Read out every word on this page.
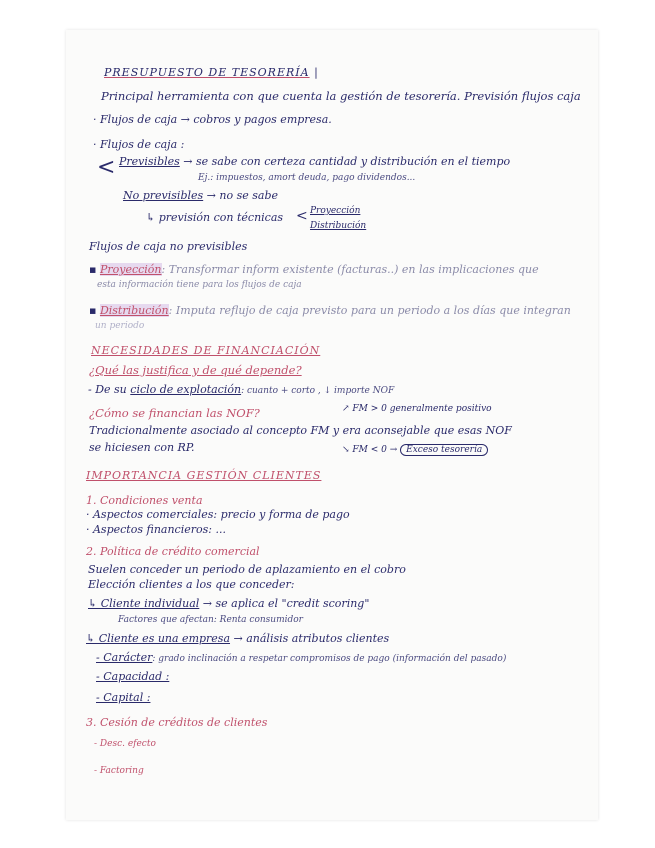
PRESUPUESTO DE TESORERÍA |
Principal herramienta con que cuenta la gestión de tesorería. Previsión flujos caja
· Flujos de caja → cobros y pagos empresa.
· Flujos de caja :
< Previsibles → se sabe con certeza cantidad y distribución en el tiempo
Ej.: impuestos, amort deuda, pago dividendos...
No previsibles → no se sabe
↳ previsión con técnicas < Proyección
Distribución
Flujos de caja no previsibles
▪ Proyección: Transformar inform existente (facturas..) en las implicaciones que
esta información tiene para los flujos de caja
▪ Distribución: Imputa reflujo de caja previsto para un periodo a los días que integran
un periodo
NECESIDADES DE FINANCIACIÓN
¿Qué las justifica y de qué depende?
- De su ciclo de explotación: cuanto + corto , ↓ importe NOF
¿Cómo se financian las NOF?	↗ FM > 0 generalmente positivo
Tradicionalmente asociado al concepto FM y era aconsejable que esas NOF
se hiciesen con RP.	↘ FM < 0 → Exceso tesorería
IMPORTANCIA GESTIÓN CLIENTES
1. Condiciones venta
· Aspectos comerciales: precio y forma de pago
· Aspectos financieros: ...
2. Política de crédito comercial
Suelen conceder un periodo de aplazamiento en el cobro
Elección clientes a los que conceder:
↳ Cliente individual → se aplica el "credit scoring"
Factores que afectan: Renta consumidor
↳ Cliente es una empresa → análisis atributos clientes
- Carácter: grado inclinación a respetar compromisos de pago (información del pasado)
- Capacidad :
- Capital :
3. Cesión de créditos de clientes
- Desc. efecto
- Factoring
